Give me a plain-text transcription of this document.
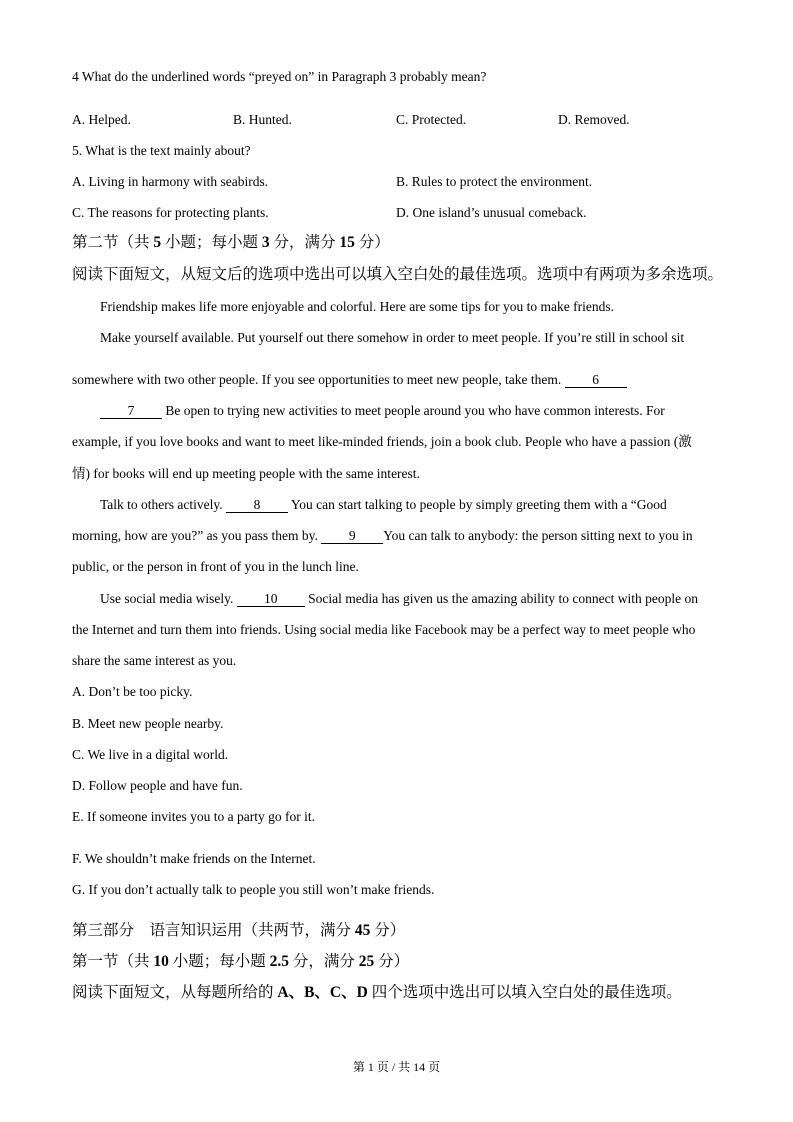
4 What do the underlined words “preyed on” in Paragraph 3 probably mean?
A. Helped.	B. Hunted.	C. Protected.	D. Removed.
5. What is the text mainly about?
A. Living in harmony with seabirds.	B. Rules to protect the environment.
C. The reasons for protecting plants.	D. One island’s unusual comeback.
第二节（共 5 小题；每小题 3 分，满分 15 分）
阅读下面短文，从短文后的选项中选出可以填入空白处的最佳选项。选项中有两项为多余选项。
Friendship makes life more enjoyable and colorful. Here are some tips for you to make friends.
Make yourself available. Put yourself out there somehow in order to meet people. If you’re still in school sit
somewhere with two other people. If you see opportunities to meet new people, take them. 6
7 Be open to trying new activities to meet people around you who have common interests. For
example, if you love books and want to meet like-minded friends, join a book club. People who have a passion (激
情) for books will end up meeting people with the same interest.
Talk to others actively. 8 You can start talking to people by simply greeting them with a “Good
morning, how are you?” as you pass them by. 9 You can talk to anybody: the person sitting next to you in
public, or the person in front of you in the lunch line.
Use social media wisely. 10 Social media has given us the amazing ability to connect with people on
the Internet and turn them into friends. Using social media like Facebook may be a perfect way to meet people who
share the same interest as you.
A. Don’t be too picky.
B. Meet new people nearby.
C. We live in a digital world.
D. Follow people and have fun.
E. If someone invites you to a party go for it.
F. We shouldn’t make friends on the Internet.
G. If you don’t actually talk to people you still won’t make friends.
第三部分　语言知识运用（共两节，满分 45 分）
第一节（共 10 小题；每小题 2.5 分，满分 25 分）
阅读下面短文，从每题所给的 A、B、C、D 四个选项中选出可以填入空白处的最佳选项。
第 1 页 / 共 14 页
